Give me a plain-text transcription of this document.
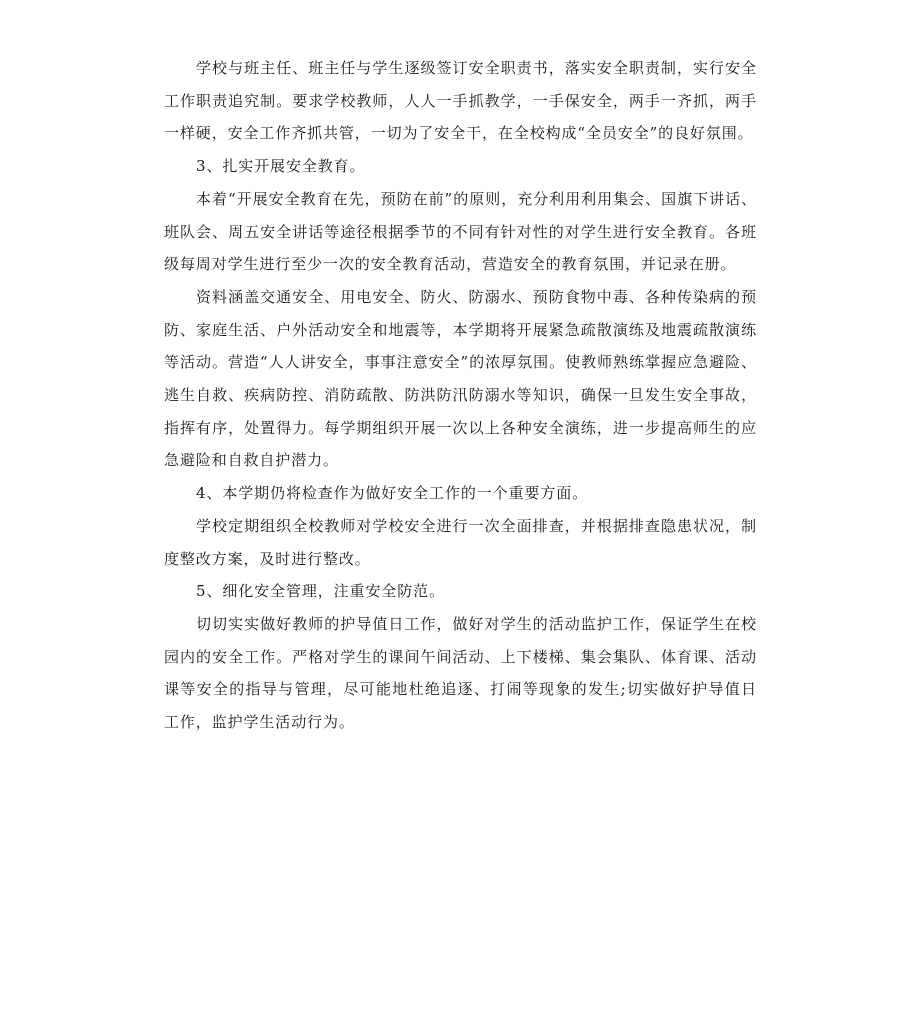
学校与班主任、班主任与学生逐级签订安全职责书，落实安全职责制，实行安全工作职责追究制。要求学校教师，人人一手抓教学，一手保安全，两手一齐抓，两手一样硬，安全工作齐抓共管，一切为了安全干，在全校构成“全员安全”的良好氛围。

3、扎实开展安全教育。

本着“开展安全教育在先，预防在前”的原则，充分利用利用集会、国旗下讲话、班队会、周五安全讲话等途径根据季节的不同有针对性的对学生进行安全教育。各班级每周对学生进行至少一次的安全教育活动，营造安全的教育氛围，并记录在册。

资料涵盖交通安全、用电安全、防火、防溺水、预防食物中毒、各种传染病的预防、家庭生活、户外活动安全和地震等，本学期将开展紧急疏散演练及地震疏散演练等活动。营造“人人讲安全，事事注意安全”的浓厚氛围。使教师熟练掌握应急避险、逃生自救、疾病防控、消防疏散、防洪防汛防溺水等知识，确保一旦发生安全事故，指挥有序，处置得力。每学期组织开展一次以上各种安全演练，进一步提高师生的应急避险和自救自护潜力。

4、本学期仍将检查作为做好安全工作的一个重要方面。

学校定期组织全校教师对学校安全进行一次全面排查，并根据排查隐患状况，制度整改方案，及时进行整改。

5、细化安全管理，注重安全防范。

切切实实做好教师的护导值日工作，做好对学生的活动监护工作，保证学生在校园内的安全工作。严格对学生的课间午间活动、上下楼梯、集会集队、体育课、活动课等安全的指导与管理，尽可能地杜绝追逐、打闹等现象的发生;切实做好护导值日工作，监护学生活动行为。
